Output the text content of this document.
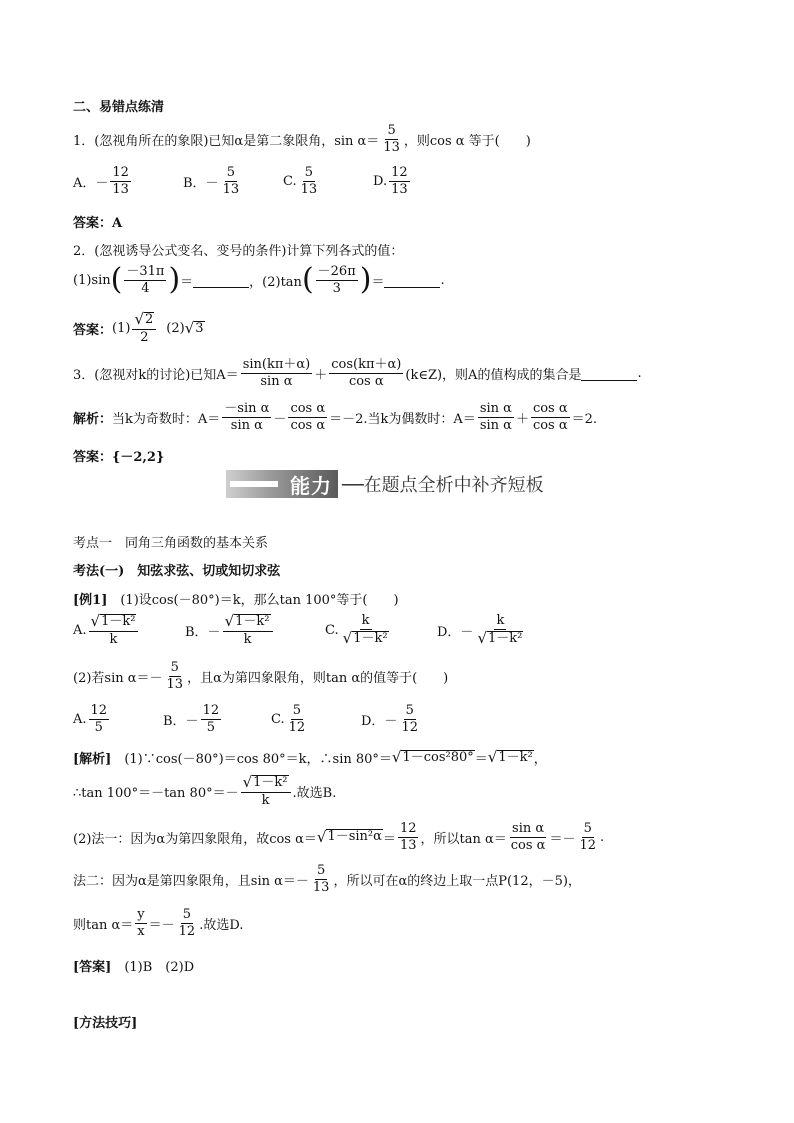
二、易错点练清
1．(忽视角所在的象限)已知α是第二象限角，$\sin \alpha= \frac{5}{13}$ ，则cos α 等于(　　)
A．－ $\frac{12}{13}$	B．－ $\frac{5}{13}$	C. $\frac{5}{13}$	D. $\frac{12}{13}$
答案：A
2．(忽视诱导公式变名、变号的条件)计算下列各式的值：
(1)sin ( $\frac{-31\pi}{4}$ ) ＝	，(2)tan ( $\frac{-26\pi}{3}$ ) ＝	.
答案： $(1) \frac{√ 2}{2} (2)$ √ 3
3．(忽视对k的讨论)已知$A= \frac{\sin(k\pi+\alpha)}{\text{sin α}} + \frac{\cos(k\pi+\alpha)}{\text{cos α}}$ (k∈Z)，则A的值构成的集合是	.
解析： 当k为奇数时：$A= \frac{\text{－sin α}}{\text{sin α}} - \frac{\text{cos α}}{\text{cos α}} =-2$.当k为偶数时：$A= \frac{\text{sin α}}{\text{sin α}} + \frac{\text{cos α}}{\text{cos α}} =2$.
答案：{－2,2}
能力 ──在题点全析中补齐短板
考点一　同角三角函数的基本关系
考法(一)　知弦求弦、切或知切求弦
[例1] 　(1)设cos(－80°)＝k，那么tan 100°等于(　　)
A. $\frac{\text{√ 1－k²}}{k}$	B．－ $\frac{\text{√ 1－k²}}{k}$	C. $\frac{k}{\text{√ 1－k²}}$	D．－ $\frac{k}{\text{√ 1－k²}}$
(2)若$\sin \alpha=- \frac{5}{13}$ ，且α为第四象限角，则tan α的值等于(　　)
A. $\frac{12}{5}$	B．－ $\frac{12}{5}$	C. $\frac{5}{12}$	D．－ $\frac{5}{12}$
[解析] 　(1)∵cos(－80°)＝cos 80°＝k，∴sin 80°＝ √ 1－cos²80° ＝ √ 1－k² ，
∴tan 100°＝－tan $80^\circ=- \frac{\text{√ 1－k²}}{k}$ .故选B.
(2)法一：因为α为第四象限角，故cos α＝ √ $1-\sin^2\alpha = \frac{12}{13}$ ，所以$\tan \alpha= \frac{\text{sin α}}{\text{cos α}} =- \frac{5}{12}$ .
法二：因为α是第四象限角，且$\sin \alpha=- \frac{5}{13}$ ，所以可在α的终边上取一点P(12，－5)，
则$\tan \alpha= \frac{y}{x} =- \frac{5}{12}$ .故选D.
[答案] 　(1)B　(2)D
[方法技巧]
